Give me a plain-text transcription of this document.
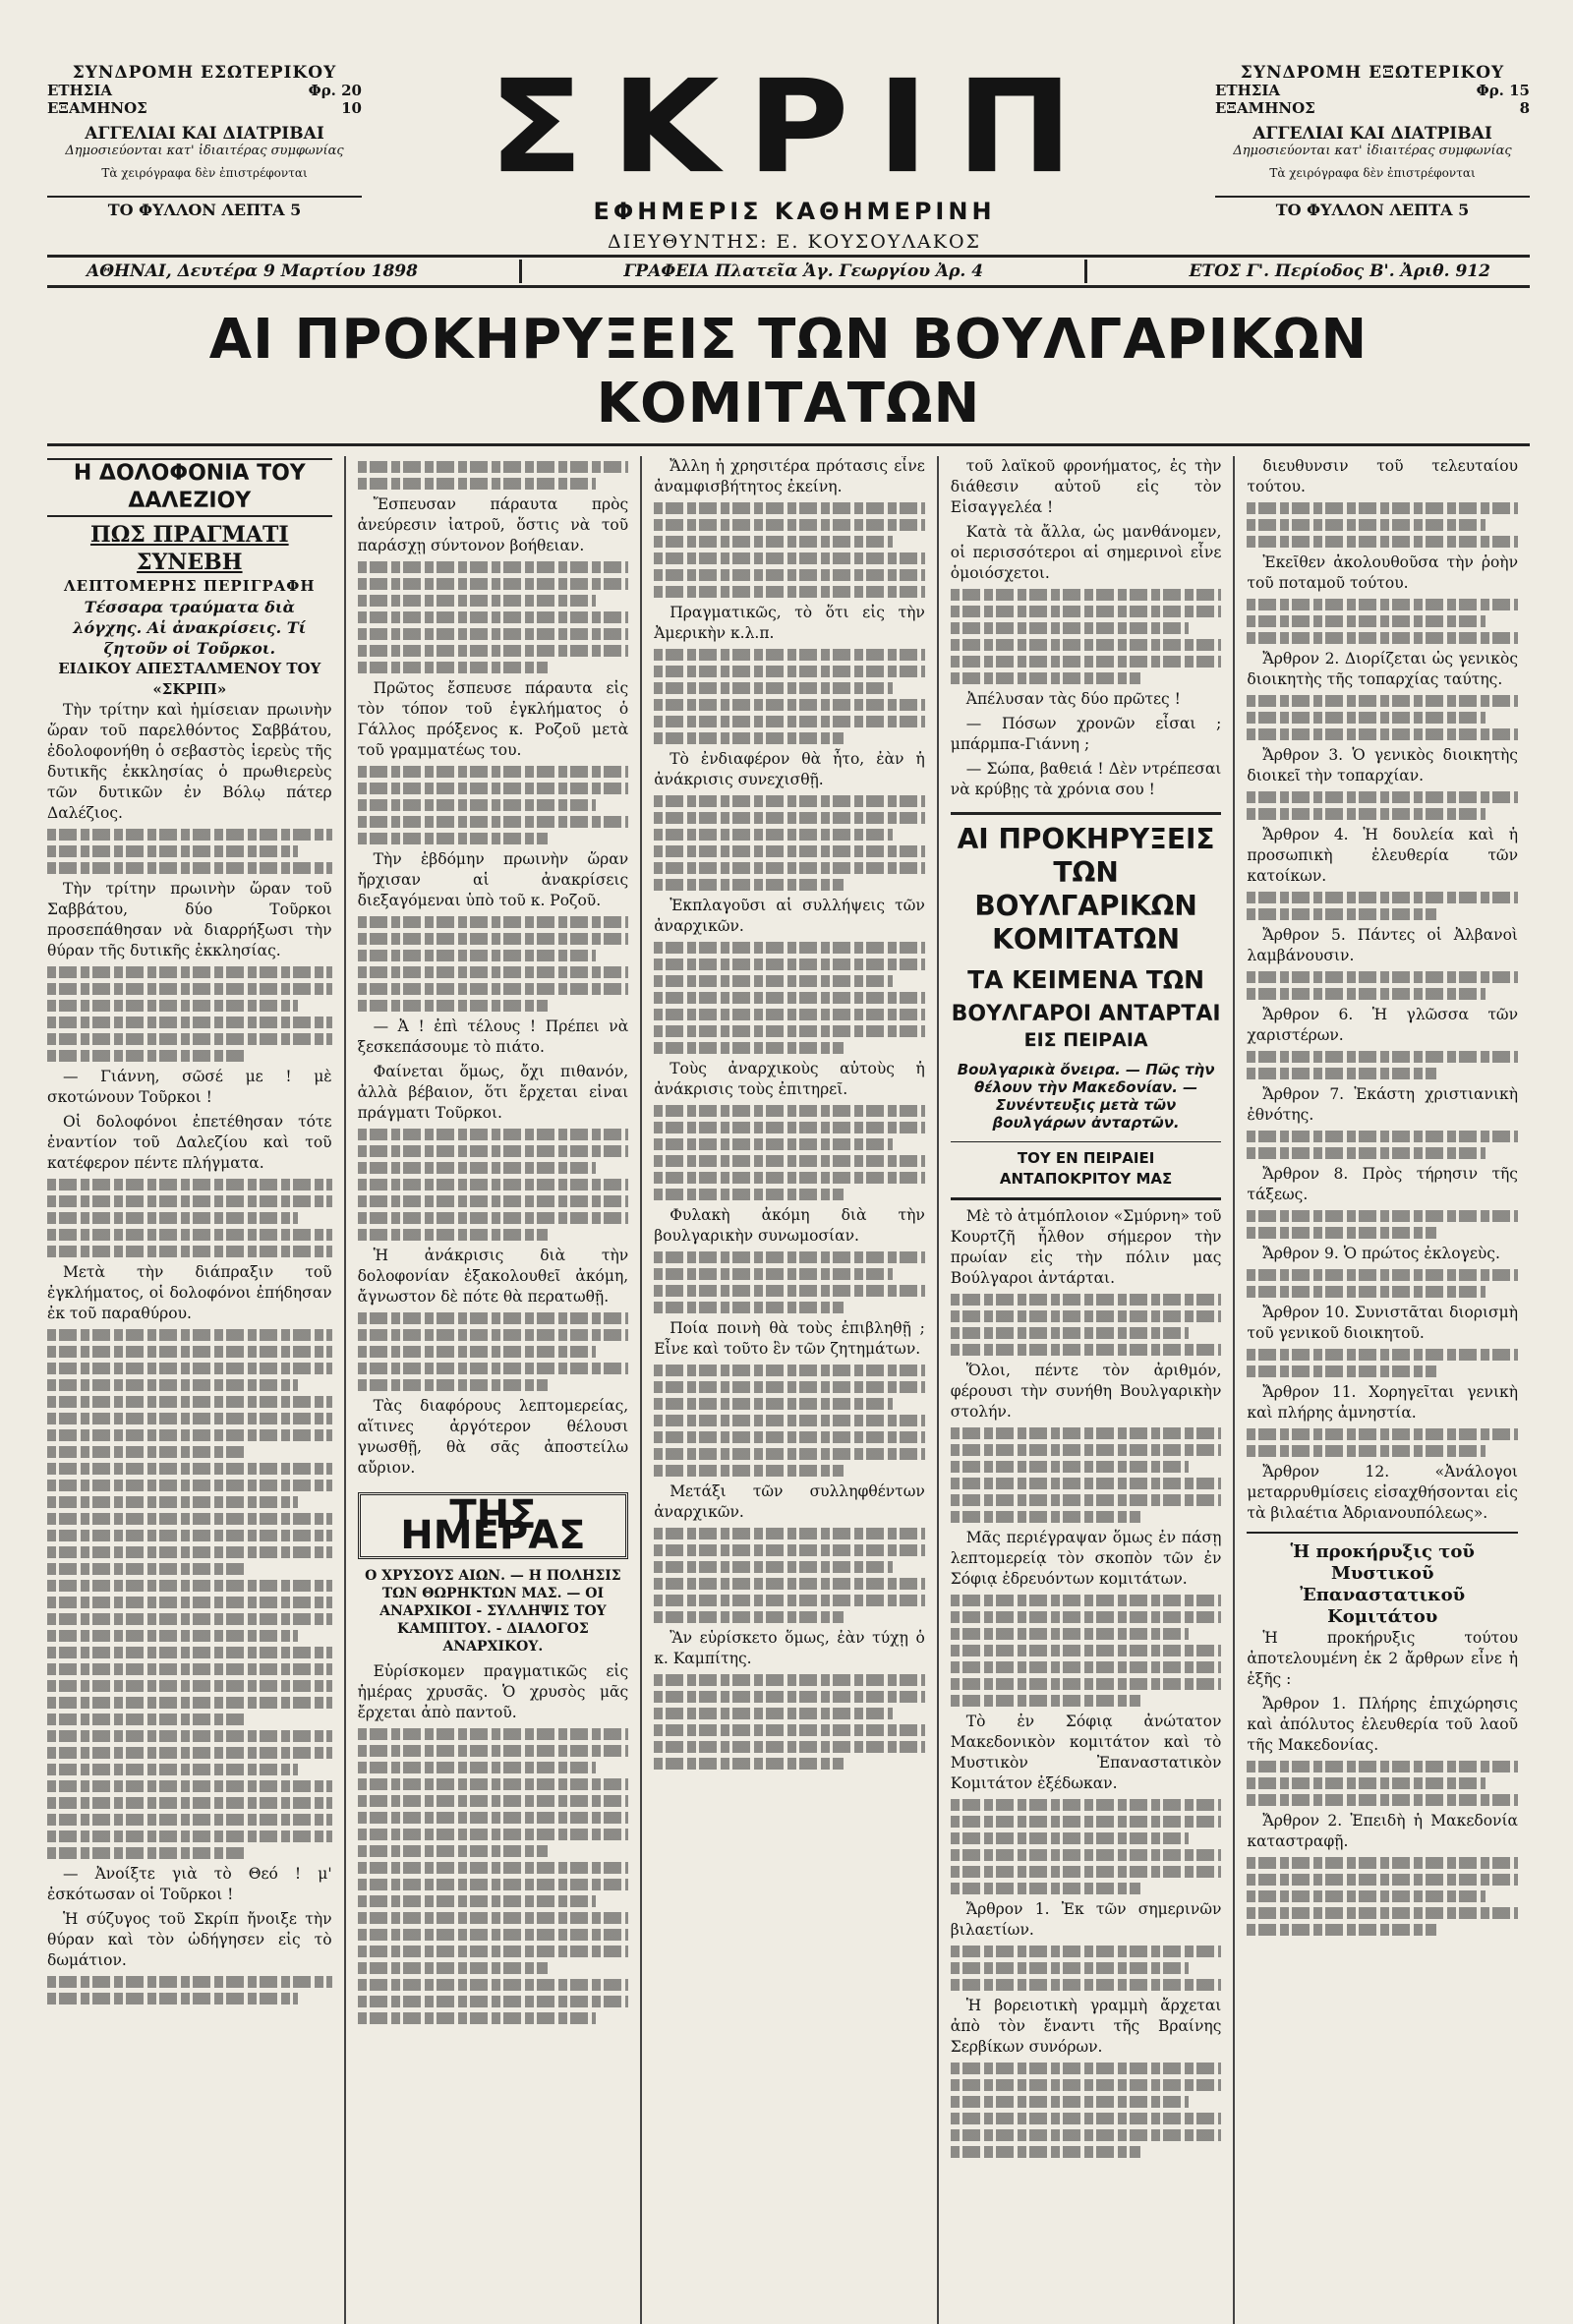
ΣΥΝΔΡΟΜΗ ΕΣΩΤΕΡΙΚΟΥ
ΕΤΗΣΙΑ	Φρ. 20
ΕΞΑΜΗΝΟΣ	10
ΑΓΓΕΛΙΑΙ ΚΑΙ ΔΙΑΤΡΙΒΑΙ
Δημοσιεύονται κατ' ἰδιαιτέρας συμφωνίας
Τὰ χειρόγραφα δὲν ἐπιστρέφονται
ΤΟ ΦΥΛΛΟΝ ΛΕΠΤΑ 5
ΣΚΡΙΠ
ΕΦΗΜΕΡΙΣ ΚΑΘΗΜΕΡΙΝΗ
ΔΙΕΥΘΥΝΤΗΣ: Ε. ΚΟΥΣΟΥΛΑΚΟΣ
ΣΥΝΔΡΟΜΗ ΕΞΩΤΕΡΙΚΟΥ
ΕΤΗΣΙΑ	Φρ. 15
ΕΞΑΜΗΝΟΣ	8
ΑΓΓΕΛΙΑΙ ΚΑΙ ΔΙΑΤΡΙΒΑΙ
Δημοσιεύονται κατ' ἰδιαιτέρας συμφωνίας
Τὰ χειρόγραφα δὲν ἐπιστρέφονται
ΤΟ ΦΥΛΛΟΝ ΛΕΠΤΑ 5
ΑΘΗΝΑΙ, Δευτέρα 9 Μαρτίου 1898	ΓΡΑΦΕΙΑ Πλατεῖα Ἁγ. Γεωργίου Ἀρ. 4	ΕΤΟΣ Γ'. Περίοδος Β'. Ἀριθ. 912
ΑΙ ΠΡΟΚΗΡΥΞΕΙΣ ΤΩΝ ΒΟΥΛΓΑΡΙΚΩΝ ΚΟΜΙΤΑΤΩΝ
Η ΔΟΛΟΦΟΝΙΑ ΤΟΥ ΔΑΛΕΖΙΟΥ
ΠΩΣ ΠΡΑΓΜΑΤΙ ΣΥΝΕΒΗ
ΛΕΠΤΟΜΕΡΗΣ ΠΕΡΙΓΡΑΦΗ
Τέσσαρα τραύματα διὰ λόγχης. Αἱ ἀνακρίσεις. Τί ζητοῦν οἱ Τοῦρκοι.
ΕΙΔΙΚΟΥ ΑΠΕΣΤΑΛΜΕΝΟΥ ΤΟΥ «ΣΚΡΙΠ»

Τὴν τρίτην καὶ ἡμίσειαν πρωινὴν ὥραν τοῦ παρελθόντος Σαββάτου, ἐδολοφονήθη ὁ σεβαστὸς ἱερεὺς τῆς δυτικῆς ἐκκλησίας ὁ πρωθιερεὺς τῶν δυτικῶν ἐν Βόλῳ πάτερ Δαλέζιος.

Τὴν τρίτην πρωινὴν ὥραν τοῦ Σαββάτου, δύο Τοῦρκοι προσεπάθησαν νὰ διαρρήξωσι τὴν θύραν τῆς δυτικῆς ἐκκλησίας.

— Γιάννη, σῶσέ με ! μὲ σκοτώνουν Τοῦρκοι !

Οἱ δολοφόνοι ἐπετέθησαν τότε ἐναντίον τοῦ Δαλεζίου καὶ τοῦ κατέφερον πέντε πλήγματα.

Μετὰ τὴν διάπραξιν τοῦ ἐγκλήματος, οἱ δολοφόνοι ἐπήδησαν ἐκ τοῦ παραθύρου.

— Ἀνοίξτε γιὰ τὸ Θεό ! μ' ἐσκότωσαν οἱ Τοῦρκοι !

Ἡ σύζυγος τοῦ Σκρίπ ἤνοιξε τὴν θύραν καὶ τὸν ὡδήγησεν εἰς τὸ δωμάτιον.

Ἔσπευσαν πάραυτα πρὸς ἀνεύρεσιν ἰατροῦ, ὅστις νὰ τοῦ παράσχῃ σύντονον βοήθειαν.

Πρῶτος ἔσπευσε πάραυτα εἰς τὸν τόπον τοῦ ἐγκλήματος ὁ Γάλλος πρόξενος κ. Ροζοῦ μετὰ τοῦ γραμματέως του.

Τὴν ἑβδόμην πρωινὴν ὥραν ἤρχισαν αἱ ἀνακρίσεις διεξαγόμεναι ὑπὸ τοῦ κ. Ροζοῦ.

— Ἀ ! ἐπὶ τέλους ! Πρέπει νὰ ξεσκεπάσουμε τὸ πιάτο.

Φαίνεται ὅμως, ὄχι πιθανόν, ἀλλὰ βέβαιον, ὅτι ἔρχεται εἰναι πράγματι Τοῦρκοι.

Ἡ ἀνάκρισις διὰ τὴν δολοφονίαν ἐξακολουθεῖ ἀκόμη, ἄγνωστον δὲ πότε θὰ περατωθῇ.

Τὰς διαφόρους λεπτομερείας, αἵτινες ἀργότερον θέλουσι γνωσθῇ, θὰ σᾶς ἀποστείλω αὔριον.

ΤΗΣ ΗΜΕΡΑΣ
Ο ΧΡΥΣΟΥΣ ΑΙΩΝ. — Η ΠΟΛΗΣΙΣ ΤΩΝ ΘΩΡΗΚΤΩΝ ΜΑΣ. — ΟΙ ΑΝΑΡΧΙΚΟΙ - ΣΥΛΛΗΨΙΣ ΤΟΥ ΚΑΜΠΙΤΟΥ. - ΔΙΑΛΟΓΟΣ ΑΝΑΡΧΙΚΟΥ.

Εὑρίσκομεν πραγματικῶς εἰς ἡμέρας χρυσᾶς. Ὁ χρυσὸς μᾶς ἔρχεται ἀπὸ παντοῦ.

Ἄλλη ἡ χρησιτέρα πρότασις εἶνε ἀναμφισβήτητος ἐκείνη.

Πραγματικῶς, τὸ ὅτι εἰς τὴν Ἀμερικὴν κ.λ.π.

Τὸ ἐνδιαφέρον θὰ ἦτο, ἐὰν ἡ ἀνάκρισις συνεχισθῇ.

Ἐκπλαγοῦσι αἱ συλλήψεις τῶν ἀναρχικῶν.

Τοὺς ἀναρχικοὺς αὐτοὺς ἡ ἀνάκρισις τοὺς ἐπιτηρεῖ.

Φυλακὴ ἀκόμη διὰ τὴν βουλγαρικὴν συνωμοσίαν.

Ποία ποινὴ θὰ τοὺς ἐπιβληθῇ ; Εἶνε καὶ τοῦτο ἓν τῶν ζητημάτων.

Μετάξι τῶν συλληφθέντων ἀναρχικῶν.

Ἂν εὑρίσκετο ὅμως, ἐὰν τύχῃ ὁ κ. Καμπίτης.

τοῦ λαϊκοῦ φρονήματος, ἐς τὴν διάθεσιν αὐτοῦ εἰς τὸν Εἰσαγγελέα !

Κατὰ τὰ ἄλλα, ὡς μανθάνομεν, οἱ περισσότεροι αἱ σημερινοὶ εἶνε ὁμοιόσχετοι.

Ἀπέλυσαν τὰς δύο πρῶτες !

— Πόσων χρονῶν εἶσαι ; μπάρμπα-Γιάννη ;

— Σώπα, βαθειά ! Δὲν ντρέπεσαι νὰ κρύβῃς τὰ χρόνια σου !

ΑΙ ΠΡΟΚΗΡΥΞΕΙΣ ΤΩΝ ΒΟΥΛΓΑΡΙΚΩΝ ΚΟΜΙΤΑΤΩΝ
ΤΑ ΚΕΙΜΕΝΑ ΤΩΝ
ΒΟΥΛΓΑΡΟΙ ΑΝΤΑΡΤΑΙ
ΕΙΣ ΠΕΙΡΑΙΑ
Βουλγαρικὰ ὄνειρα. — Πῶς τὴν θέλουν τὴν Μακεδονίαν. — Συνέντευξις μετὰ τῶν βουλγάρων ἀνταρτῶν.
ΤΟΥ ΕΝ ΠΕΙΡΑΙΕΙ ΑΝΤΑΠΟΚΡΙΤΟΥ ΜΑΣ

Μὲ τὸ ἀτμόπλοιον «Σμύρνη» τοῦ Κουρτζῆ ἦλθον σήμερον τὴν πρωίαν εἰς τὴν πόλιν μας Βούλγαροι ἀντάρται.

Ὅλοι, πέντε τὸν ἀριθμόν, φέρουσι τὴν συνήθη Βουλγαρικὴν στολήν.

Μᾶς περιέγραψαν ὅμως ἐν πάσῃ λεπτομερείᾳ τὸν σκοπὸν τῶν ἐν Σόφιᾳ ἐδρευόντων κομιτάτων.

Τὸ ἐν Σόφιᾳ ἀνώτατον Μακεδονικὸν κομιτάτον καὶ τὸ Μυστικὸν Ἐπαναστατικὸν Κομιτάτον ἐξέδωκαν.

Ἄρθρον 1. Ἐκ τῶν σημερινῶν βιλαετίων.

Ἡ βορειοτικὴ γραμμὴ ἄρχεται ἀπὸ τὸν ἔναντι τῆς Βραίνης Σερβίκων συνόρων.

διευθυνσιν τοῦ τελευταίου τούτου.

Ἐκεῖθεν ἀκολουθοῦσα τὴν ῥοὴν τοῦ ποταμοῦ τούτου.

Ἄρθρον 2. Διορίζεται ὡς γενικὸς διοικητὴς τῆς τοπαρχίας ταύτης.

Ἄρθρον 3. Ὁ γενικὸς διοικητὴς διοικεῖ τὴν τοπαρχίαν.

Ἄρθρον 4. Ἡ δουλεία καὶ ἡ προσωπικὴ ἐλευθερία τῶν κατοίκων.

Ἄρθρον 5. Πάντες οἱ Ἀλβανοὶ λαμβάνουσιν.

Ἄρθρον 6. Ἡ γλῶσσα τῶν χαριστέρων.

Ἄρθρον 7. Ἑκάστη χριστιανικὴ ἐθνότης.

Ἄρθρον 8. Πρὸς τήρησιν τῆς τάξεως.

Ἄρθρον 9. Ὁ πρώτος ἐκλογεὺς.

Ἄρθρον 10. Συνιστᾶται διορισμὴ τοῦ γενικοῦ διοικητοῦ.

Ἄρθρον 11. Χορηγεῖται γενικὴ καὶ πλήρης ἀμνηστία.

Ἄρθρον 12. «Ἀνάλογοι μεταρρυθμίσεις εἰσαχθήσονται εἰς τὰ βιλαέτια Ἀδριανουπόλεως».

Ἡ προκήρυξις τοῦ Μυστικοῦ Ἐπαναστατικοῦ Κομιτάτου

Ἡ προκήρυξις τούτου ἀποτελουμένη ἐκ 2 ἄρθρων εἶνε ἡ ἑξῆς :

Ἄρθρον 1. Πλήρης ἐπιχώρησις καὶ ἀπόλυτος ἐλευθερία τοῦ λαοῦ τῆς Μακεδονίας.

Ἄρθρον 2. Ἐπειδὴ ἡ Μακεδονία καταστραφῇ.
